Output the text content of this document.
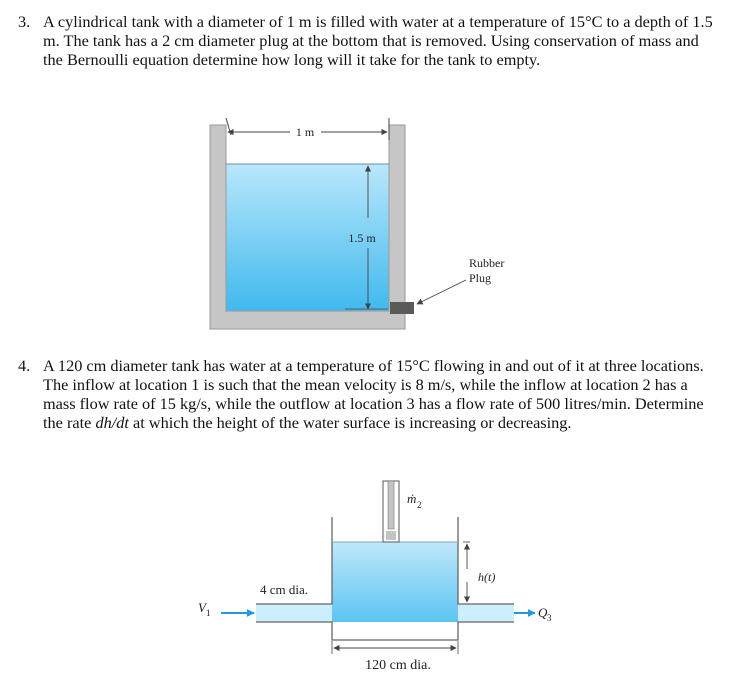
3. A cylindrical tank with a diameter of 1 m is filled with water at a temperature of 15°C to a depth of 1.5 m. The tank has a 2 cm diameter plug at the bottom that is removed. Using conservation of mass and the Bernoulli equation determine how long will it take for the tank to empty.
4. A 120 cm diameter tank has water at a temperature of 15°C flowing in and out of it at three locations. The inflow at location 1 is such that the mean velocity is 8 m/s, while the inflow at location 2 has a mass flow rate of 15 kg/s, while the outflow at location 3 has a flow rate of 500 litres/min. Determine the rate dh/dt at which the height of the water surface is increasing or decreasing.
1 m
1.5 m
Rubber
Plug
ṁ 2
h(t)
4 cm dia.
V 1	Q 3
120 cm dia.
